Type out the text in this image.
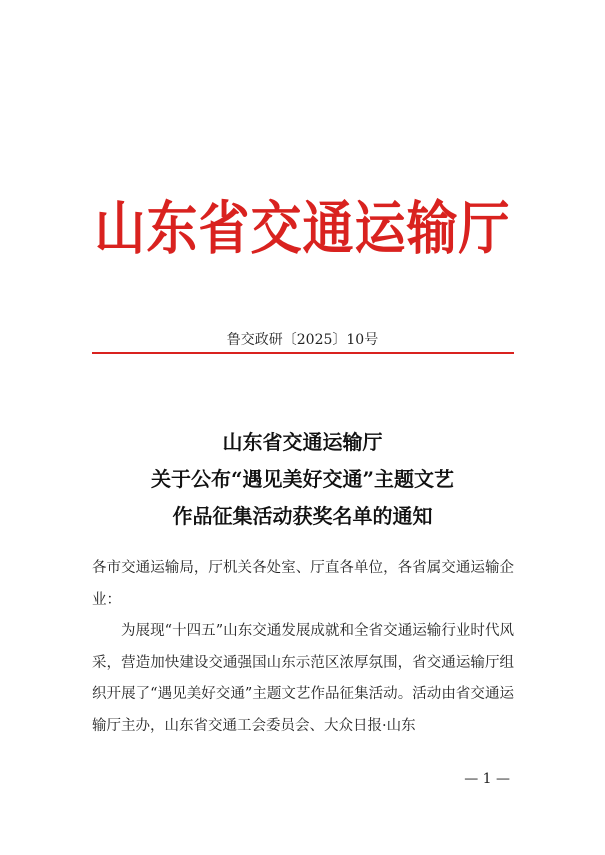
山东省交通运输厅
鲁交政研〔2025〕10号
山东省交通运输厅
关于公布“遇见美好交通”主题文艺
作品征集活动获奖名单的通知

各市交通运输局，厅机关各处室、厅直各单位，各省属交通运输企业：

为展现“十四五”山东交通发展成就和全省交通运输行业时代风采，营造加快建设交通强国山东示范区浓厚氛围，省交通运输厅组织开展了“遇见美好交通”主题文艺作品征集活动。活动由省交通运输厅主办，山东省交通工会委员会、大众日报·山东

— 1 —
